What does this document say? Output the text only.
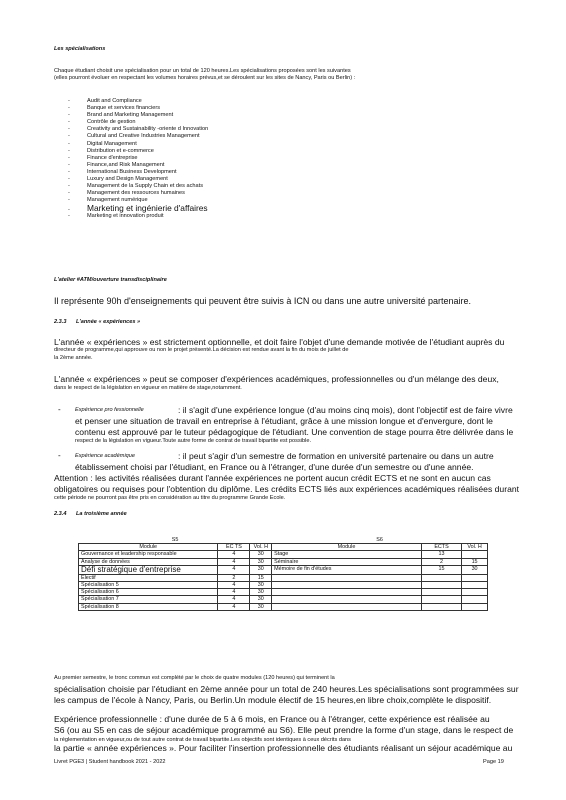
Les spécialisations
Chaque étudiant choisit une spécialisation pour un total de 120 heures.Les spécialisations proposées sont les suivantes
(elles pourront évoluer en respectant les volumes horaires prévus,et se déroulent sur les sites de Nancy, Paris ou Berlin) :
-	Audit and Compliance
-	Banque et services financiers
-	Brand and Marketing Management
-	Contrôle de gestion
-	Creativity and Sustainability -oriente d Innovation
-	Cultural and Creative Industries Management
-	Digital Management
-	Distribution et e-commerce
-	Finance d'entreprise
-	Finance,and Risk Management
-	International Business Development
-	Luxury and Design Management
-	Management de la Supply Chain et des achats
-	Management des ressources humaines
-	Management numérique
- Marketing et ingénierie d'affaires
-	Marketing et innovation produit
L'atelier #ATM/ouverture transdisciplinaire
Il représente 90h d'enseignements qui peuvent être suivis à ICN ou dans une autre université partenaire.
2.3.3 L'année « expériences »
L'année « expériences » est strictement optionnelle, et doit faire l'objet d'une demande motivée de l'étudiant auprès du
directeur de programme,qui approuve ou non le projet présenté.La décision est rendue avant la fin du mois de juillet de
la 2ème année.
L'année « expériences » peut se composer d'expériences académiques, professionnelles ou d'un mélange des deux,
dans le respect de la législation en vigueur en matière de stage,notamment.
-	Expérience pro fessionnelle	: il s'agit d'une expérience longue (d'au moins cinq mois), dont l'objectif est de faire vivre
et penser une situation de travail en entreprise à l'étudiant, grâce à une mission longue et d'envergure, dont le
contenu est approuvé par le tuteur pédagogique de l'étudiant. Une convention de stage pourra être délivrée dans le
respect de la législation en vigueur.Toute autre forme de contrat de travail bipartite est possible.
-	Expérience académique	: il peut s'agir d'un semestre de formation en université partenaire ou dans un autre
établissement choisi par l'étudiant, en France ou à l'étranger, d'une durée d'un semestre ou d'une année.
Attention : les activités réalisées durant l'année expériences ne portent aucun crédit ECTS et ne sont en aucun cas
obligatoires ou requises pour l'obtention du diplôme. Les crédits ECTS liés aux expériences académiques réalisées durant
cette période ne pourront pas être pris en considération au titre du programme Grande Ecole.
2.3.4 La troisième année
S5			S6		
Module	EC TS	Vol. H	Module	ECTS	Vol. H
Gouvernance et leadership responsable	4	30	Stage	13	
Analyse de données	4	30	Séminaire	2	15
Défi stratégique d'entreprise	4	30	Mémoire de fin d'études	15	30
Electif	2	15			
Spécialisation 5	4	30			
Spécialisation 6	4	30			
Spécialisation 7	4	30			
Spécialisation 8	4	30			
Au premier semestre, le tronc commun est complété par le choix de quatre modules (120 heures) qui terminent la
spécialisation choisie par l'étudiant en 2ème année pour un total de 240 heures.Les spécialisations sont programmées sur
les campus de l'école à Nancy, Paris, ou Berlin.Un module électif de 15 heures,en libre choix,complète le dispositif.
Expérience professionnelle : d'une durée de 5 à 6 mois, en France ou à l'étranger, cette expérience est réalisée au
S6 (ou au S5 en cas de séjour académique programmé au S6). Elle peut prendre la forme d'un stage, dans le respect de
la réglementation en vigueur,ou de tout autre contrat de travail bipartite.Les objectifs sont identiques à ceux décrits dans
la partie « année expériences ». Pour faciliter l'insertion professionnelle des étudiants réalisant un séjour académique au
Livret PGE3 | Student handbook 2021 - 2022	Page 19
